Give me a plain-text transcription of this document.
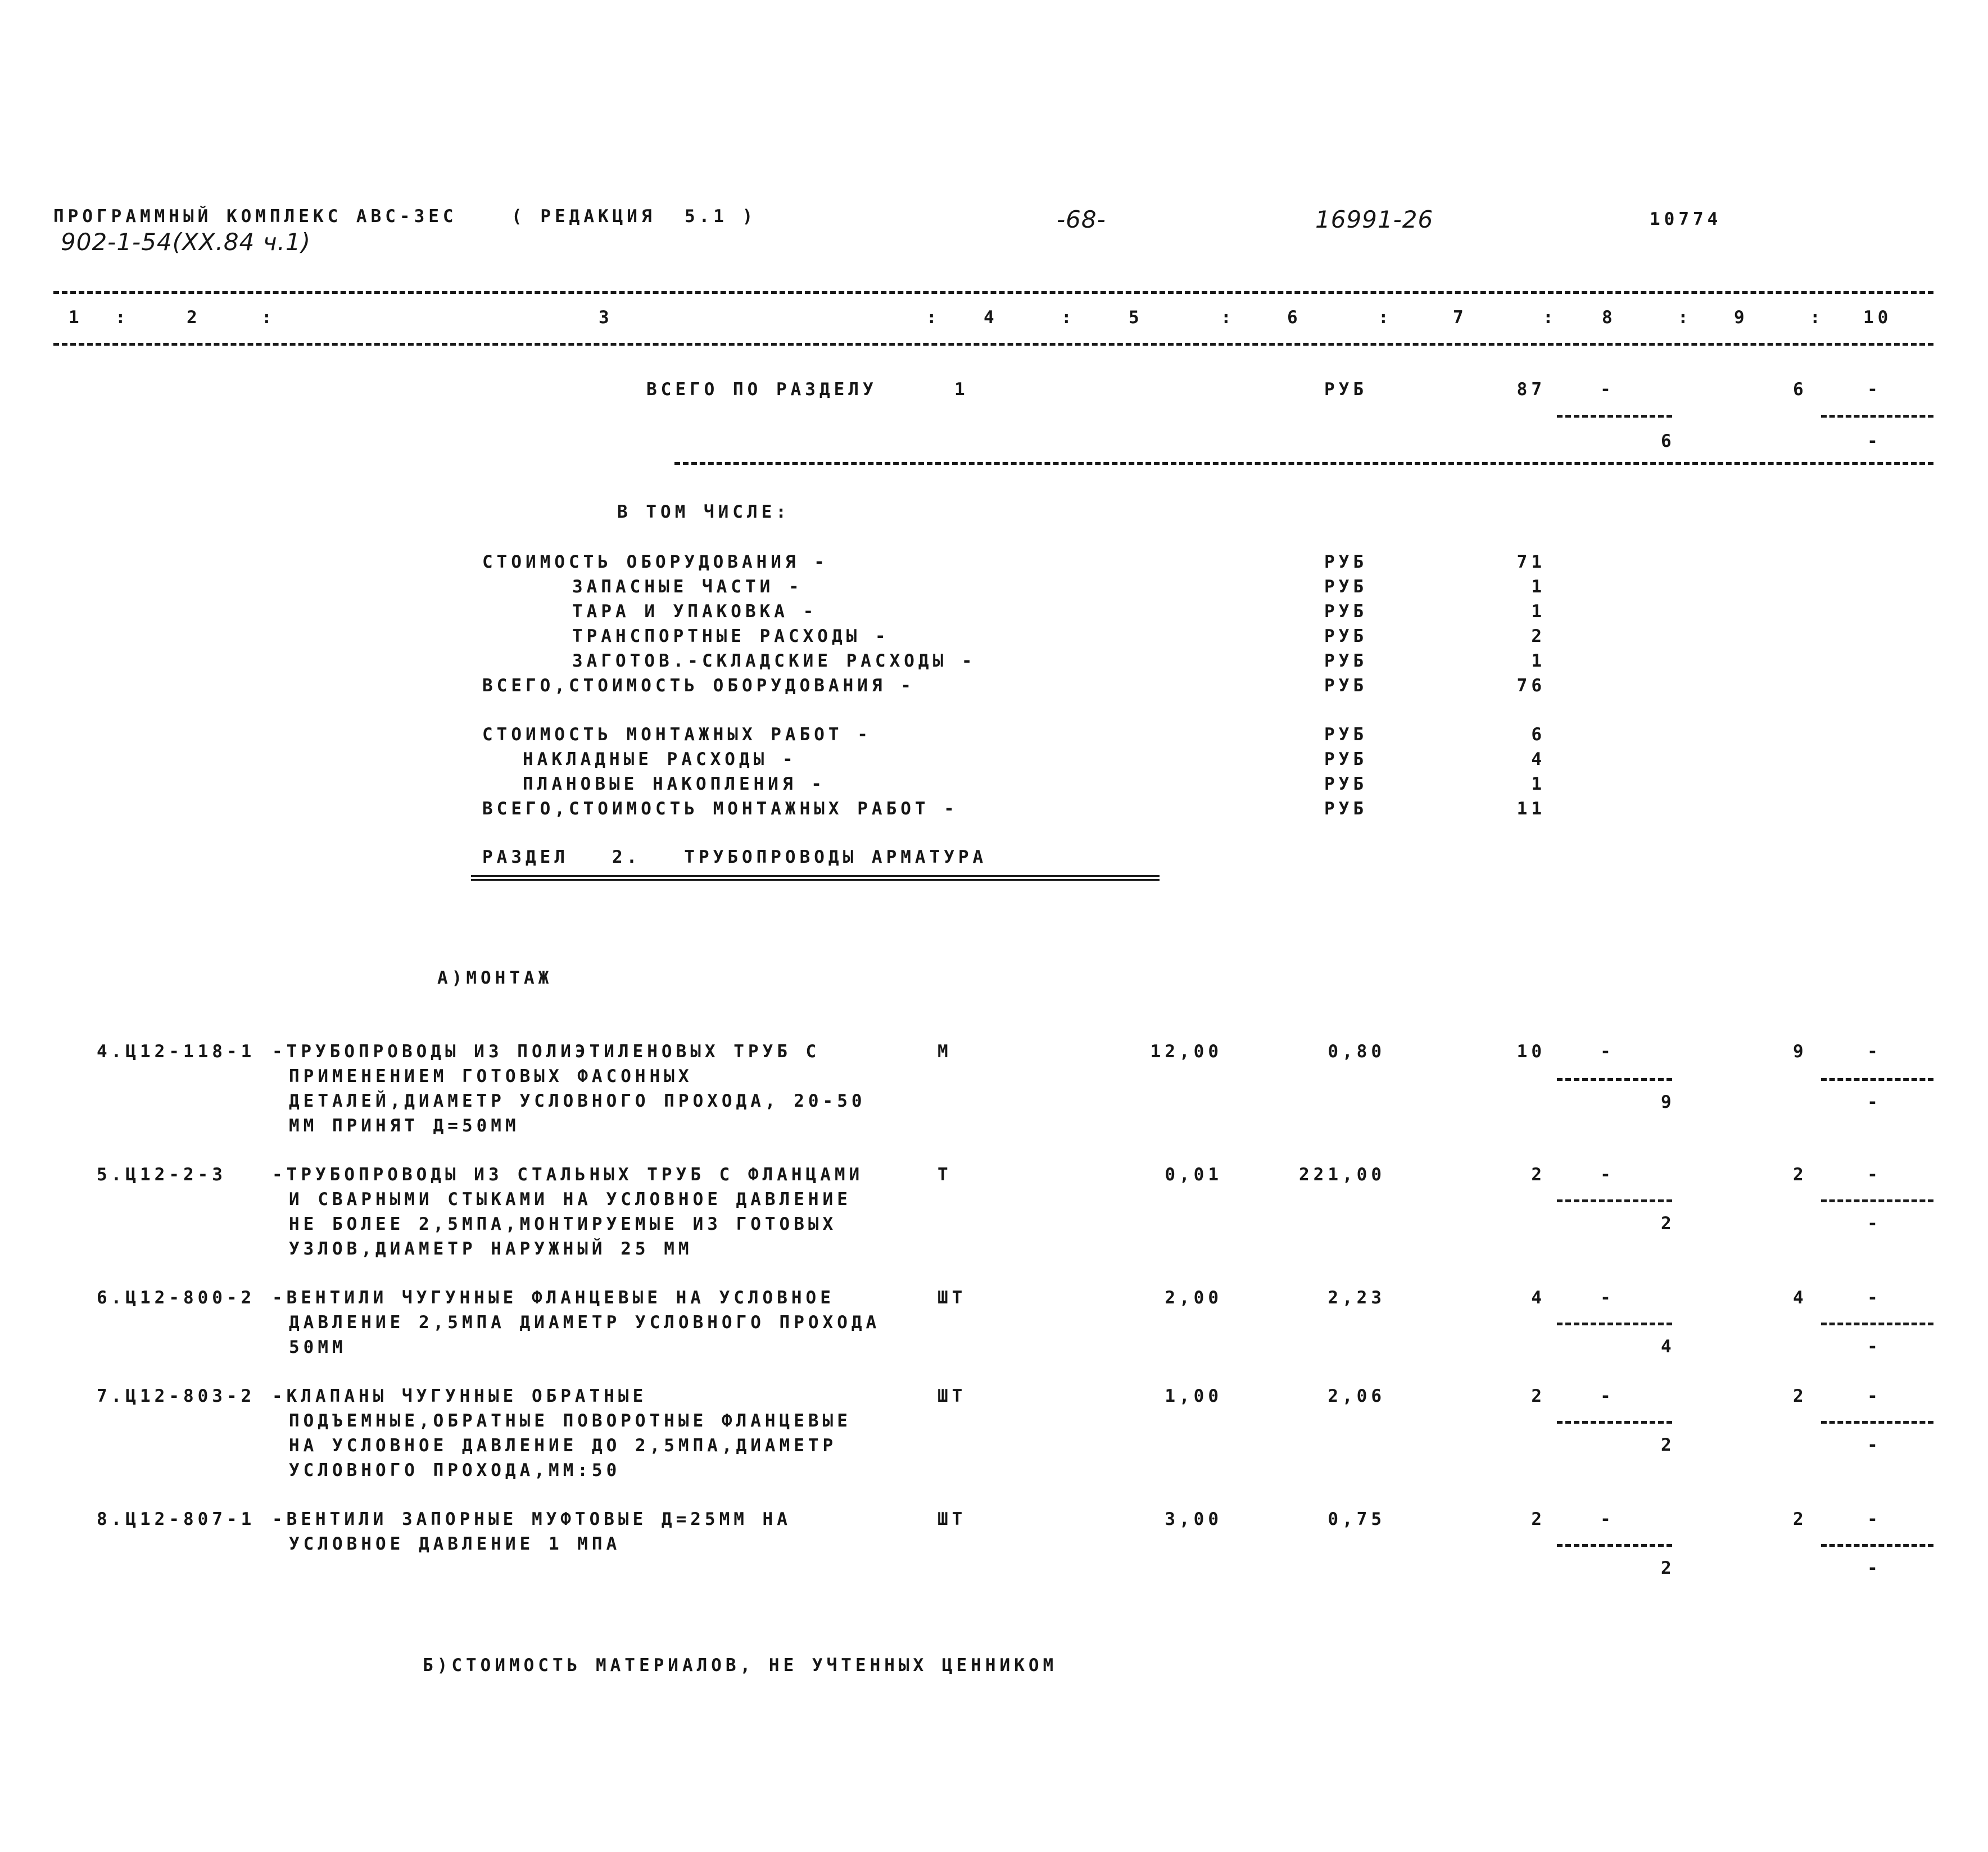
ПРОГРАММНЫЙ КОМПЛЕКС АВС-3ЕС	( РЕДАКЦИЯ  5.1 )	-68-	16991-26	10774
902-1-54(XX.84 ч.1)
1 :	2	:	3	: 4	:	5	:	6	:	7	:	8	: 9	: 10
ВСЕГО ПО РАЗДЕЛУ	1	РУБ	87	-	6	-
6	-
В ТОМ ЧИСЛЕ:
СТОИМОСТЬ ОБОРУДОВАНИЯ -	РУБ	71
ЗАПАСНЫЕ ЧАСТИ -	РУБ	1
ТАРА И УПАКОВКА -	РУБ	1
ТРАНСПОРТНЫЕ РАСХОДЫ -	РУБ	2
ЗАГОТОВ.-СКЛАДСКИЕ РАСХОДЫ -	РУБ	1
ВСЕГО,СТОИМОСТЬ ОБОРУДОВАНИЯ -	РУБ	76
СТОИМОСТЬ МОНТАЖНЫХ РАБОТ -	РУБ	6
НАКЛАДНЫЕ РАСХОДЫ -	РУБ	4
ПЛАНОВЫЕ НАКОПЛЕНИЯ -	РУБ	1
ВСЕГО,СТОИМОСТЬ МОНТАЖНЫХ РАБОТ -	РУБ	11
РАЗДЕЛ   2.   ТРУБОПРОВОДЫ АРМАТУРА
А)МОНТАЖ
4.Ц12-118-1 -ТРУБОПРОВОДЫ ИЗ ПОЛИЭТИЛЕНОВЫХ ТРУБ С
ПРИМЕНЕНИЕМ ГОТОВЫХ ФАСОННЫХ
ДЕТАЛЕЙ,ДИАМЕТР УСЛОВНОГО ПРОХОДА, 20-50
ММ ПРИНЯТ Д=50ММ
М	12,00	0,80	10	-	9	-
9	-
5.Ц12-2-3	-ТРУБОПРОВОДЫ ИЗ СТАЛЬНЫХ ТРУБ С ФЛАНЦАМИ
И СВАРНЫМИ СТЫКАМИ НА УСЛОВНОЕ ДАВЛЕНИЕ
НЕ БОЛЕЕ 2,5МПА,МОНТИРУЕМЫЕ ИЗ ГОТОВЫХ
УЗЛОВ,ДИАМЕТР НАРУЖНЫЙ 25 ММ
Т	0,01	221,00	2	-	2	-
2	-
6.Ц12-800-2 -ВЕНТИЛИ ЧУГУННЫЕ ФЛАНЦЕВЫЕ НА УСЛОВНОЕ
ДАВЛЕНИЕ 2,5МПА ДИАМЕТР УСЛОВНОГО ПРОХОДА
50ММ
ШТ	2,00	2,23	4	-	4	-
4	-
7.Ц12-803-2 -КЛАПАНЫ ЧУГУННЫЕ ОБРАТНЫЕ
ПОДЪЕМНЫЕ,ОБРАТНЫЕ ПОВОРОТНЫЕ ФЛАНЦЕВЫЕ
НА УСЛОВНОЕ ДАВЛЕНИЕ ДО 2,5МПА,ДИАМЕТР
УСЛОВНОГО ПРОХОДА,ММ:50
ШТ	1,00	2,06	2	-	2	-
2	-
8.Ц12-807-1 -ВЕНТИЛИ ЗАПОРНЫЕ МУФТОВЫЕ Д=25ММ НА
УСЛОВНОЕ ДАВЛЕНИЕ 1 МПА
ШТ	3,00	0,75	2	-	2	-
2	-
Б)СТОИМОСТЬ МАТЕРИАЛОВ, НЕ УЧТЕННЫХ ЦЕННИКОМ
